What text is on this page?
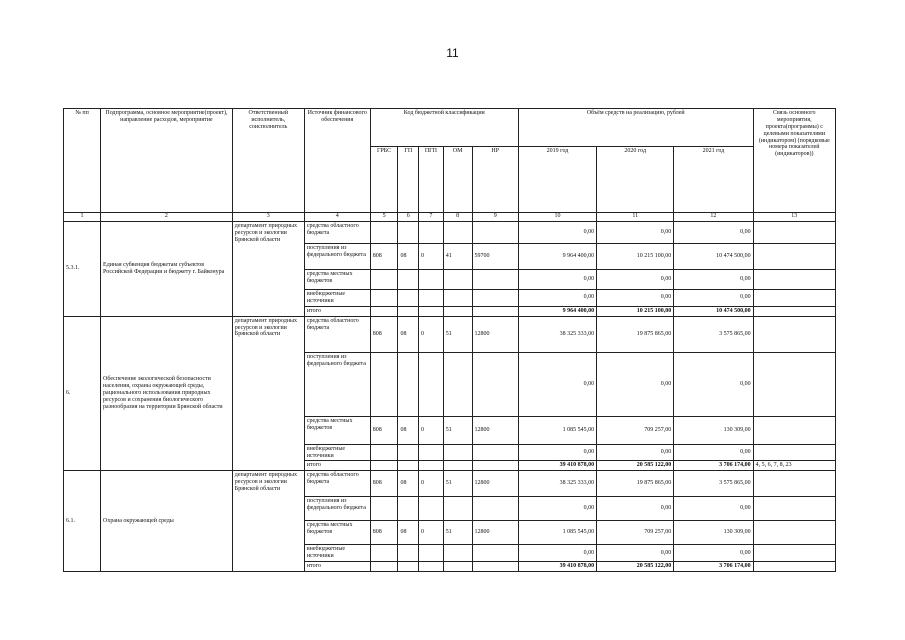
11
№ пп	Подпрограмма, основное мероприятие(проект), направление расходов, мероприятие	Ответственный исполнитель, соисполнитель	Источник финансового обеспечения	Код бюджетной классификации					Объём средств на реализацию, рублей			Связь основного мероприятия, проекта(программы) с целевыми показателями (индикатором) (порядковые номера показателей (индикаторов))
				ГРБС	ГП	ПГП	ОМ	НР	2019 год	2020 год	2021 год	
1	2	3	4	5	6	7	8	9	10	11	12	13
5.3.1.	Единая субвенция бюджетам субъектов Российской Федерации и бюджету г. Байконура	департамент природных ресурсов и экологии Брянской области	средства областного бюджета						0,00	0,00	0,00	
			поступления из федерального бюджета	808	08	0	41	59700	9 964 400,00	10 215 100,00	10 474 500,00	
			средства местных бюджетов						0,00	0,00	0,00	
			внебюджетные источники						0,00	0,00	0,00	
			итого						9 964 400,00	10 215 100,00	10 474 500,00	
6.	Обеспечение экологической безопасности населения, охраны окружающей среды, рационального использования природных ресурсов и сохранения биологического разнообразия на территории Брянской области	департамент природных ресурсов и экологии Брянской области	средства областного бюджета	808	08	0	51	12800	38 325 333,00	19 875 865,00	3 575 865,00	
			поступления из федерального бюджета						0,00	0,00	0,00	
			средства местных бюджетов	808	08	0	51	12800	1 085 545,00	709 257,00	130 309,00	
			внебюджетные источники						0,00	0,00	0,00	
			итого						39 410 878,00	20 585 122,00	3 706 174,00	4, 5, 6, 7, 8, 23
6.1.	Охрана окружающей среды	департамент природных ресурсов и экологии Брянской области	средства областного бюджета	808	08	0	51	12800	38 325 333,00	19 875 865,00	3 575 865,00	
			поступления из федерального бюджета						0,00	0,00	0,00	
			средства местных бюджетов	808	08	0	51	12800	1 085 545,00	709 257,00	130 309,00	
			внебюджетные источники						0,00	0,00	0,00	
			итого						39 410 878,00	20 585 122,00	3 706 174,00	
